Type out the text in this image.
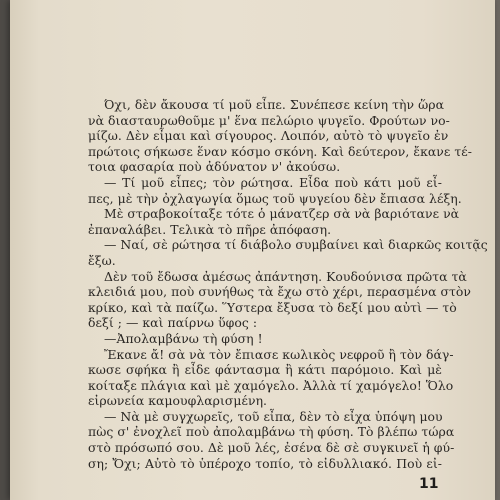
Όχι, δὲν ἄκουσα τί μοῦ εἶπε. Συνέπεσε κείνη τὴν ὥρα
νὰ διασταυρωθοῦμε μ' ἕνα πελώριο ψυγεῖο. Φρούτων νο-
μίζω. Δὲν εἶμαι καὶ σίγουρος. Λοιπόν, αὐτὸ τὸ ψυγεῖο ἐν
πρώτοις σήκωσε ἕναν κόσμο σκόνη. Καὶ δεύτερον, ἔκανε τέ-
τοια φασαρία ποὺ ἀδύνατον ν' ἀκούσω.
— Τί μοῦ εἶπες; τὸν ρώτησα. Εἶδα ποὺ κάτι μοῦ εἶ-
πες, μὲ τὴν ὀχλαγωγία ὅμως τοῦ ψυγείου δὲν ἔπιασα λέξη.
Μὲ στραβοκοίταξε τότε ὁ μάνατζερ σὰ νὰ βαριότανε νὰ
ἐπαναλάβει. Τελικὰ τὸ πῆρε ἀπόφαση.
— Ναί, σὲ ρώτησα τί διάβολο συμβαίνει καὶ διαρκῶς κοιτᾷς
ἔξω.
Δὲν τοῦ ἔδωσα ἀμέσως ἀπάντηση. Κουδούνισα πρῶτα τὰ
κλειδιά μου, ποὺ συνήθως τὰ ἔχω στὸ χέρι, περασμένα στὸν
κρίκο, καὶ τὰ παίζω. Ὕστερα ἔξυσα τὸ δεξί μου αὐτὶ — τὸ
δεξί ; — καὶ παίρνω ὕφος :
—Ἀπολαμβάνω τὴ φύση !
Ἔκανε ἄ! σὰ νὰ τὸν ἔπιασε κωλικὸς νεφροῦ ἢ τὸν δάγ-
κωσε σφήκα ἢ εἶδε φάντασμα ἢ κάτι παρόμοιο. Καὶ μὲ
κοίταξε πλάγια καὶ μὲ χαμόγελο. Ἀλλὰ τί χαμόγελο! Ὅλο
εἰρωνεία καμουφλαρισμένη.
— Νὰ μὲ συγχωρεῖς, τοῦ εἶπα, δὲν τὸ εἶχα ὑπόψη μου
πὼς σ' ἐνοχλεῖ ποὺ ἀπολαμβάνω τὴ φύση. Τὸ βλέπω τώρα
στὸ πρόσωπό σου. Δὲ μοῦ λές, ἐσένα δὲ σὲ συγκινεῖ ἡ φύ-
ση; Ὄχι; Αὐτὸ τὸ ὑπέροχο τοπίο, τὸ εἰδυλλιακό. Ποὺ εἰ-
11
